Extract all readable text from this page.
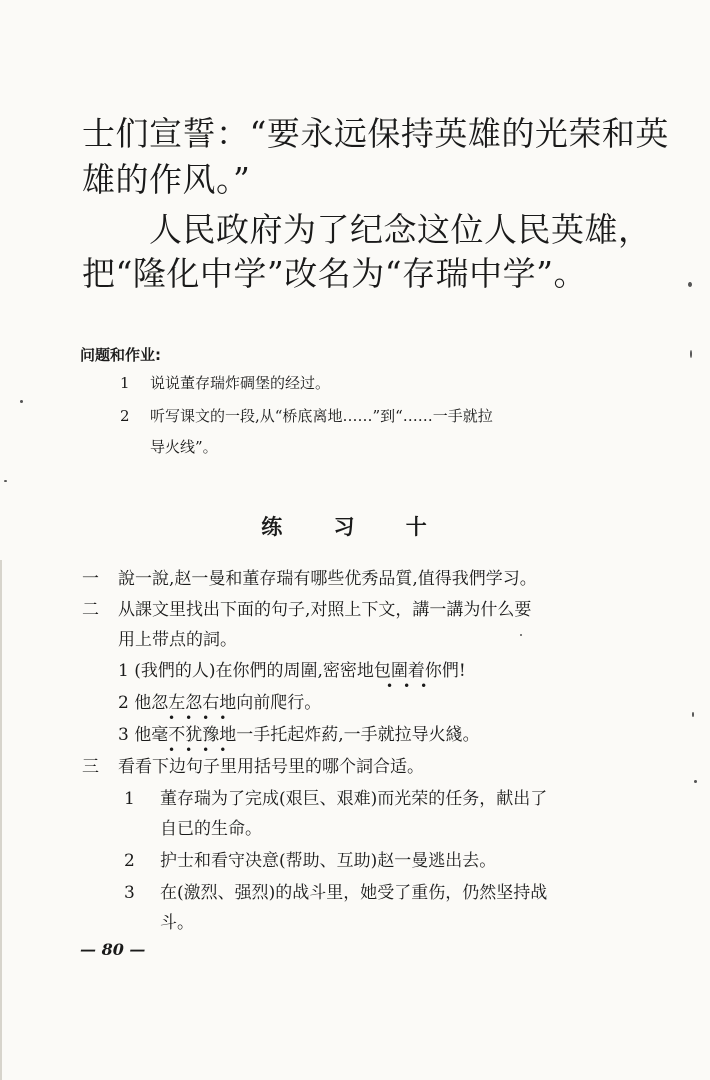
士们宣誓：“要永远保持英雄的光荣和英
雄的作风。”
　　人民政府为了纪念这位人民英雄，
把“隆化中学”改名为“存瑞中学”。
问题和作业:
1 说说董存瑞炸碉堡的经过。
2 听写课文的一段,从“桥底离地……”到“……一手就拉
导火线”。
练 习 十
一 說一說,赵一曼和董存瑞有哪些优秀品質,值得我們学习。
二 从課文里找出下面的句子,对照上下文，講一講为什么要
用上带点的詞。
1 (我們的人)在你們的周圍,密密地包圍着你們!
•••
2 他忽左忽右地向前爬行。
••••
3 他毫不犹豫地一手托起炸葯,一手就拉导火綫。
••••
三 看看下边句子里用括号里的哪个詞合适。
1 董存瑞为了完成(艰巨、艰难)而光荣的任务，献出了
自已的生命。
2 护士和看守决意(帮助、互助)赵一曼逃出去。
3 在(激烈、强烈)的战斗里，她受了重伤，仍然坚持战
斗。
— 80 —
